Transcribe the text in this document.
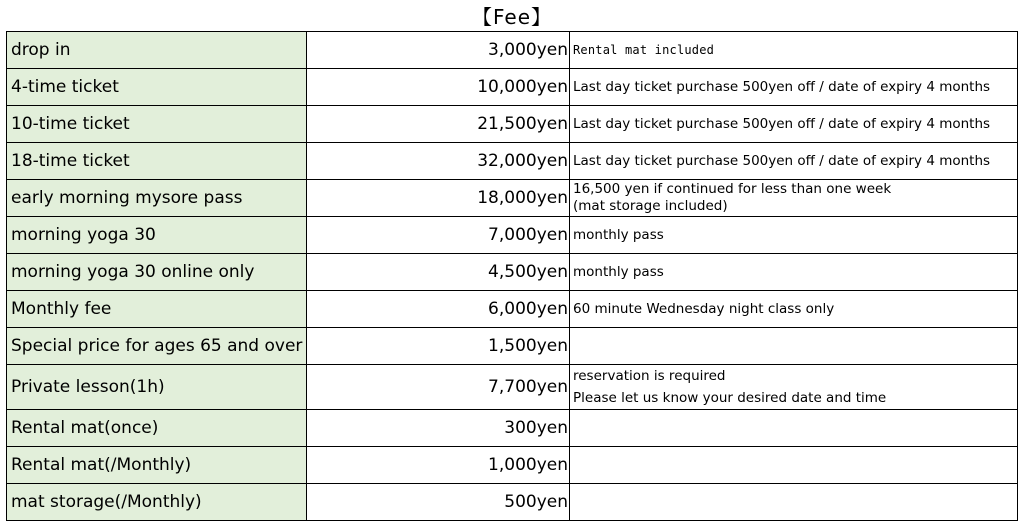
【Fee】
drop in	3,000yen	Rental mat included

4-time ticket	10,000yen	Last day ticket purchase 500yen off / date of expiry 4 months

10-time ticket	21,500yen	Last day ticket purchase 500yen off / date of expiry 4 months

18-time ticket	32,000yen	Last day ticket purchase 500yen off / date of expiry 4 months

early morning mysore pass	18,000yen	16,500 yen if continued for less than one week
(mat storage included)

morning yoga 30	7,000yen	monthly pass

morning yoga 30 online only	4,500yen	monthly pass

Monthly fee	6,000yen	60 minute Wednesday night class only

Special price for ages 65 and over	1,500yen	
Private lesson(1h)	7,700yen	reservation is required
Please let us know your desired date and time

Rental mat(once)	300yen	
Rental mat(/Monthly)	1,000yen	
mat storage(/Monthly)	500yen	
